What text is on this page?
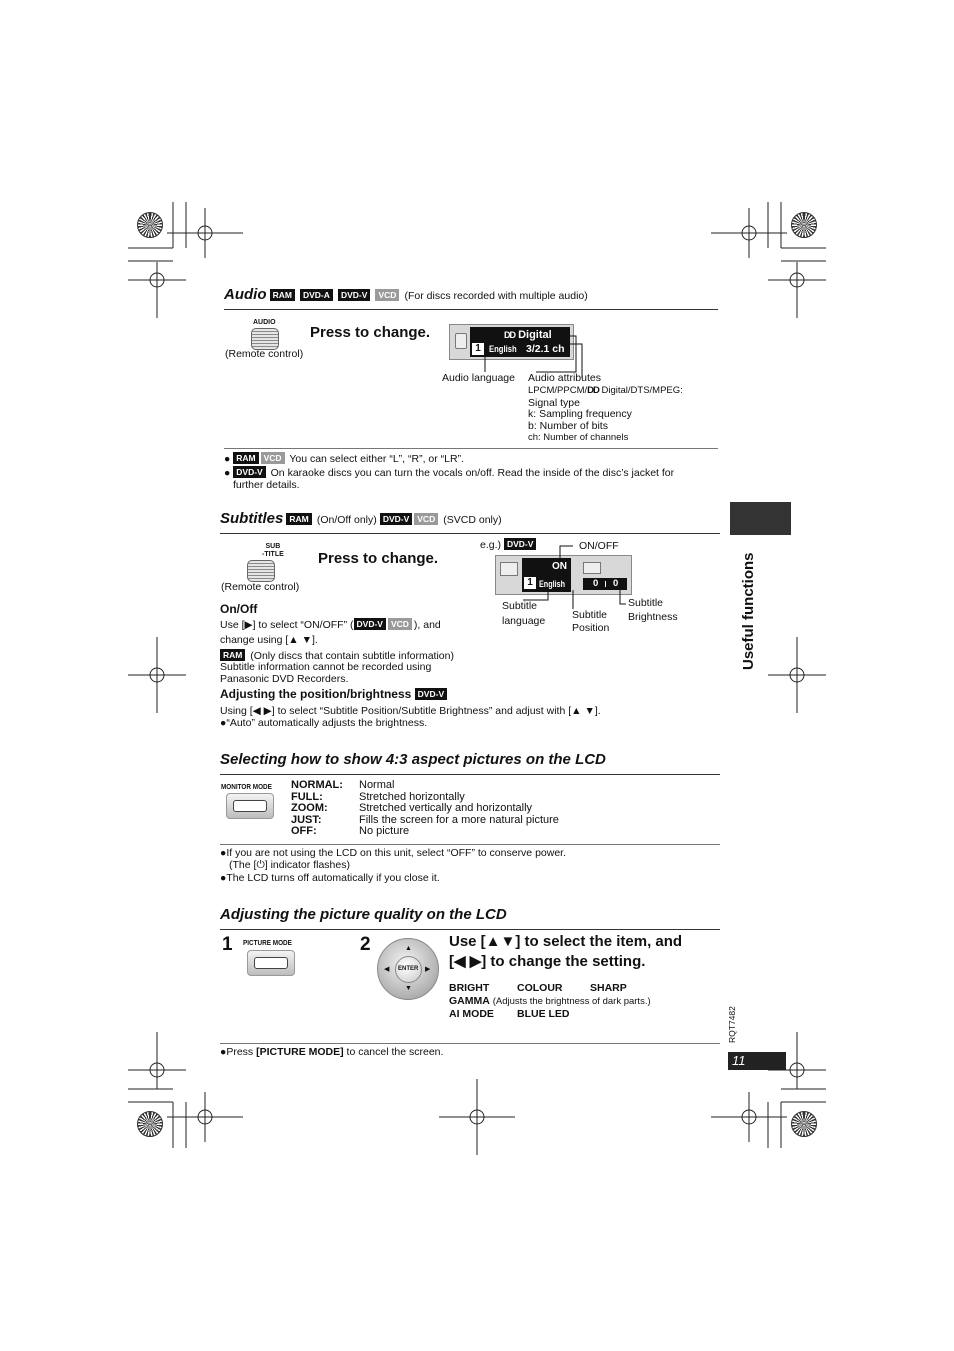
Useful functions
Audio RAM DVD-A DVD-V VCD (For discs recorded with multiple audio)
AUDIO
(Remote control)
Press to change.	DD Digital
1 English 3/2.1 ch
Audio language Audio attributes
LPCM/PPCM/DD Digital/DTS/MPEG:
Signal type
k: Sampling frequency
b: Number of bits
ch: Number of channels
● RAM VCD You can select either “L”, “R”, or “LR”.
● DVD-V On karaoke discs you can turn the vocals on/off. Read the inside of the disc’s jacket for
further details.
Subtitles RAM (On/Off only) DVD-V VCD (SVCD only)
SUB
-TITLE
(Remote control)
Press to change.
e.g.) DVD-V	ON/OFF
ON
1 English	0 0
Subtitle
language	Subtitle
Position
Subtitle
Brightness
On/Off
Use [▶] to select “ON/OFF” ( DVD-V VCD ), and
change using [▲ ▼].
RAM (Only discs that contain subtitle information)
Subtitle information cannot be recorded using
Panasonic DVD Recorders.
Adjusting the position/brightness DVD-V
Using [◀ ▶] to select “Subtitle Position/Subtitle Brightness” and adjust with [▲ ▼].
●“Auto” automatically adjusts the brightness.
Selecting how to show 4:3 aspect pictures on the LCD
MONITOR MODE NORMAL: Normal
FULL:	Stretched horizontally
ZOOM:	Stretched vertically and horizontally
JUST:	Fills the screen for a more natural picture
OFF:	No picture
●If you are not using the LCD on this unit, select “OFF” to conserve power.
(The [⏻] indicator flashes)
●The LCD turns off automatically if you close it.
Adjusting the picture quality on the LCD
1 PICTURE MODE	2
ENTER
▲
▼
◀	▶
Use [▲▼] to select the item, and
[◀ ▶] to change the setting.
BRIGHT	COLOUR	SHARP
GAMMA (Adjusts the brightness of dark parts.)
AI MODE BLUE LED	RQT7482
●Press [PICTURE MODE] to cancel the screen.
11
